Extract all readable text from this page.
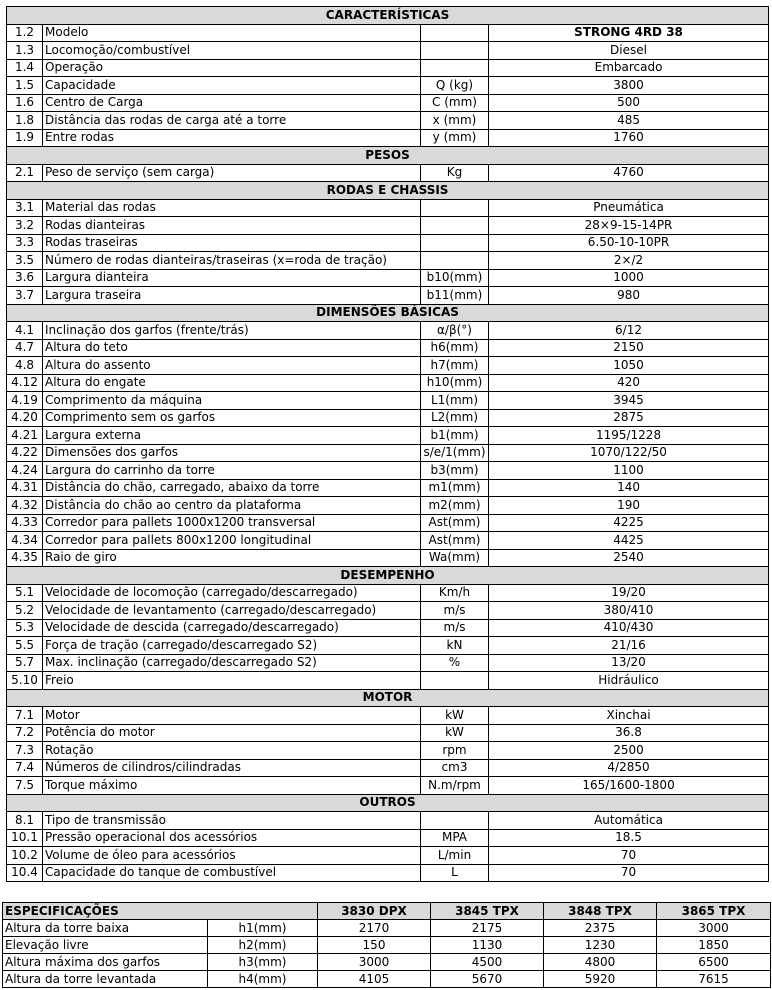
CARACTERÍSTICAS			
1.2	Modelo		STRONG 4RD 38
1.3	Locomoção/combustível		Diesel
1.4	Operação		Embarcado
1.5	Capacidade	Q (kg)	3800
1.6	Centro de Carga	C (mm)	500
1.8	Distância das rodas de carga até a torre	x (mm)	485
1.9	Entre rodas	y (mm)	1760
PESOS			
2.1	Peso de serviço (sem carga)	Kg	4760
RODAS E CHASSIS			
3.1	Material das rodas		Pneumática
3.2	Rodas dianteiras		28×9-15-14PR
3.3	Rodas traseiras		6.50-10-10PR
3.5	Número de rodas dianteiras/traseiras (x=roda de tração)		2×/2
3.6	Largura dianteira	b10(mm)	1000
3.7	Largura traseira	b11(mm)	980
DIMENSÕES BÁSICAS			
4.1	Inclinação dos garfos (frente/trás)	α/β(°)	6/12
4.7	Altura do teto	h6(mm)	2150
4.8	Altura do assento	h7(mm)	1050
4.12	Altura do engate	h10(mm)	420
4.19	Comprimento da máquina	L1(mm)	3945
4.20	Comprimento sem os garfos	L2(mm)	2875
4.21	Largura externa	b1(mm)	1195/1228
4.22	Dimensões dos garfos	s/e/1(mm)	1070/122/50
4.24	Largura do carrinho da torre	b3(mm)	1100
4.31	Distância do chão, carregado, abaixo da torre	m1(mm)	140
4.32	Distância do chão ao centro da plataforma	m2(mm)	190
4.33	Corredor para pallets 1000x1200 transversal	Ast(mm)	4225
4.34	Corredor para pallets 800x1200 longitudinal	Ast(mm)	4425
4.35	Raio de giro	Wa(mm)	2540
DESEMPENHO			
5.1	Velocidade de locomoção (carregado/descarregado)	Km/h	19/20
5.2	Velocidade de levantamento (carregado/descarregado)	m/s	380/410
5.3	Velocidade de descida (carregado/descarregado)	m/s	410/430
5.5	Força de tração (carregado/descarregado S2)	kN	21/16
5.7	Max. inclinação (carregado/descarregado S2)	%	13/20
5.10	Freio		Hidráulico
MOTOR			
7.1	Motor	kW	Xinchai
7.2	Potência do motor	kW	36.8
7.3	Rotação	rpm	2500
7.4	Números de cilindros/cilindradas	cm3	4/2850
7.5	Torque máximo	N.m/rpm	165/1600-1800
OUTROS			
8.1	Tipo de transmissão		Automática
10.1	Pressão operacional dos acessórios	MPA	18.5
10.2	Volume de óleo para acessórios	L/min	70
10.4	Capacidade do tanque de combustível	L	70
ESPECIFICAÇÕES		3830 DPX	3845 TPX	3848 TPX	3865 TPX
Altura da torre baixa	h1(mm)	2170	2175	2375	3000
Elevação livre	h2(mm)	150	1130	1230	1850
Altura máxima dos garfos	h3(mm)	3000	4500	4800	6500
Altura da torre levantada	h4(mm)	4105	5670	5920	7615
